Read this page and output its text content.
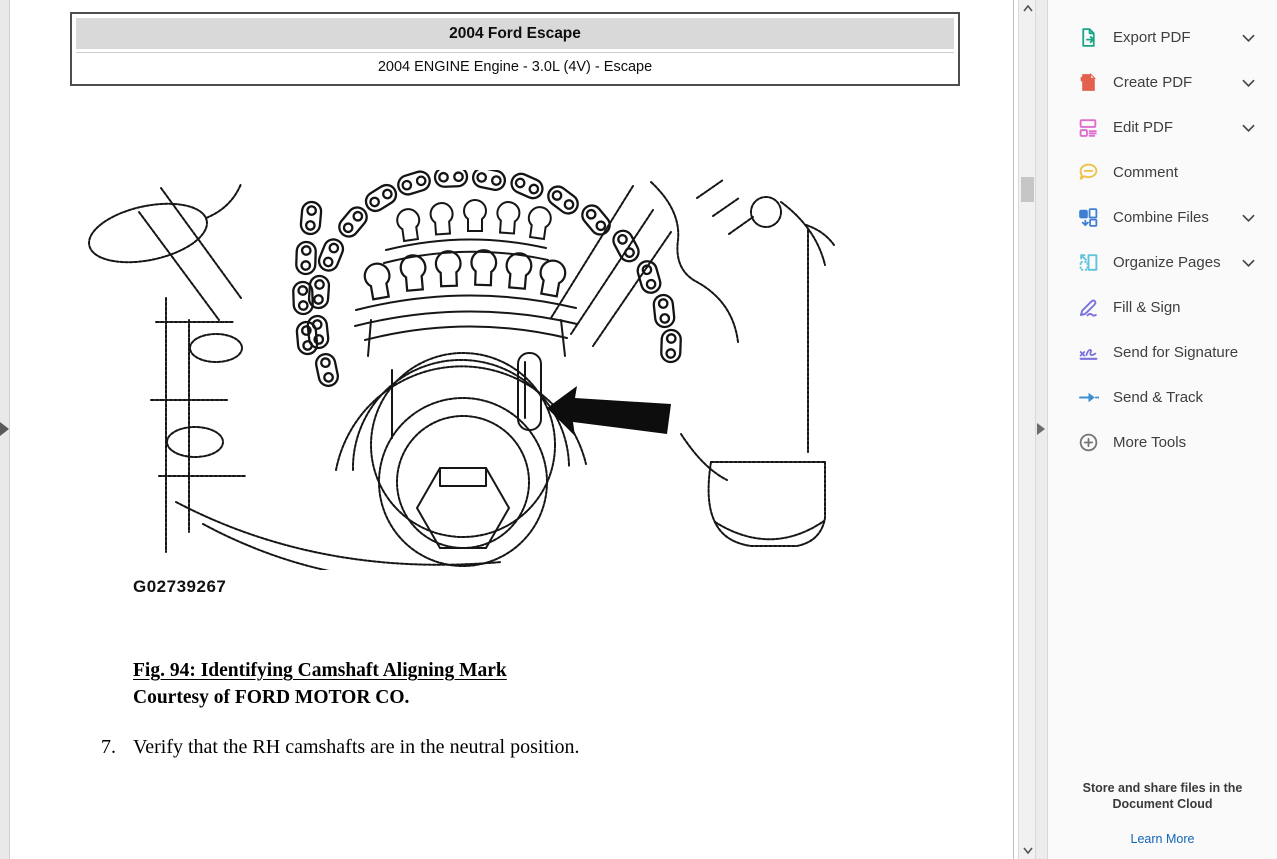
2004 Ford Escape
2004 ENGINE Engine - 3.0L (4V) - Escape
G02739267
Fig. 94: Identifying Camshaft Aligning Mark
Courtesy of FORD MOTOR CO.
7. Verify that the RH camshafts are in the neutral position.
Export PDF
Create PDF
Edit PDF
Comment
Combine Files
Organize Pages
Fill & Sign
Send for Signature
Send & Track
More Tools
Store and share files in the
Document Cloud
Learn More
